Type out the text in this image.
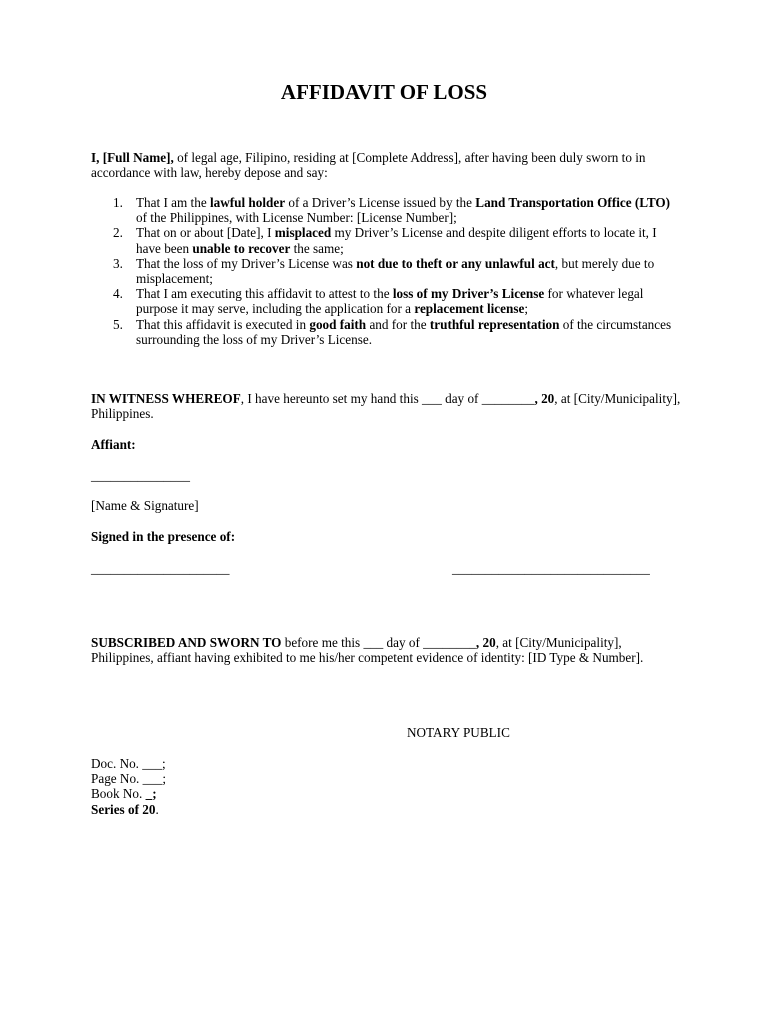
AFFIDAVIT OF LOSS

I, [Full Name], of legal age, Filipino, residing at [Complete Address], after having been duly sworn to in accordance with law, hereby depose and say:

1. That I am the lawful holder of a Driver’s License issued by the Land Transportation Office (LTO) of the Philippines, with License Number: [License Number];
2. That on or about [Date], I misplaced my Driver’s License and despite diligent efforts to locate it, I have been unable to recover the same;
3. That the loss of my Driver’s License was not due to theft or any unlawful act, but merely due to misplacement;
4. That I am executing this affidavit to attest to the loss of my Driver’s License for whatever legal purpose it may serve, including the application for a replacement license;
5. That this affidavit is executed in good faith and for the truthful representation of the circumstances surrounding the loss of my Driver’s License.

IN WITNESS WHEREOF, I have hereunto set my hand this ___ day of ________, 20, at [City/Municipality], Philippines.

Affiant:
_______________
[Name & Signature]
Signed in the presence of:
_____________________	______________________________

SUBSCRIBED AND SWORN TO before me this ___ day of ________, 20, at [City/Municipality], Philippines, affiant having exhibited to me his/her competent evidence of identity: [ID Type & Number].

NOTARY PUBLIC
Doc. No. ___;
Page No. ___;
Book No. _;
Series of 20.
